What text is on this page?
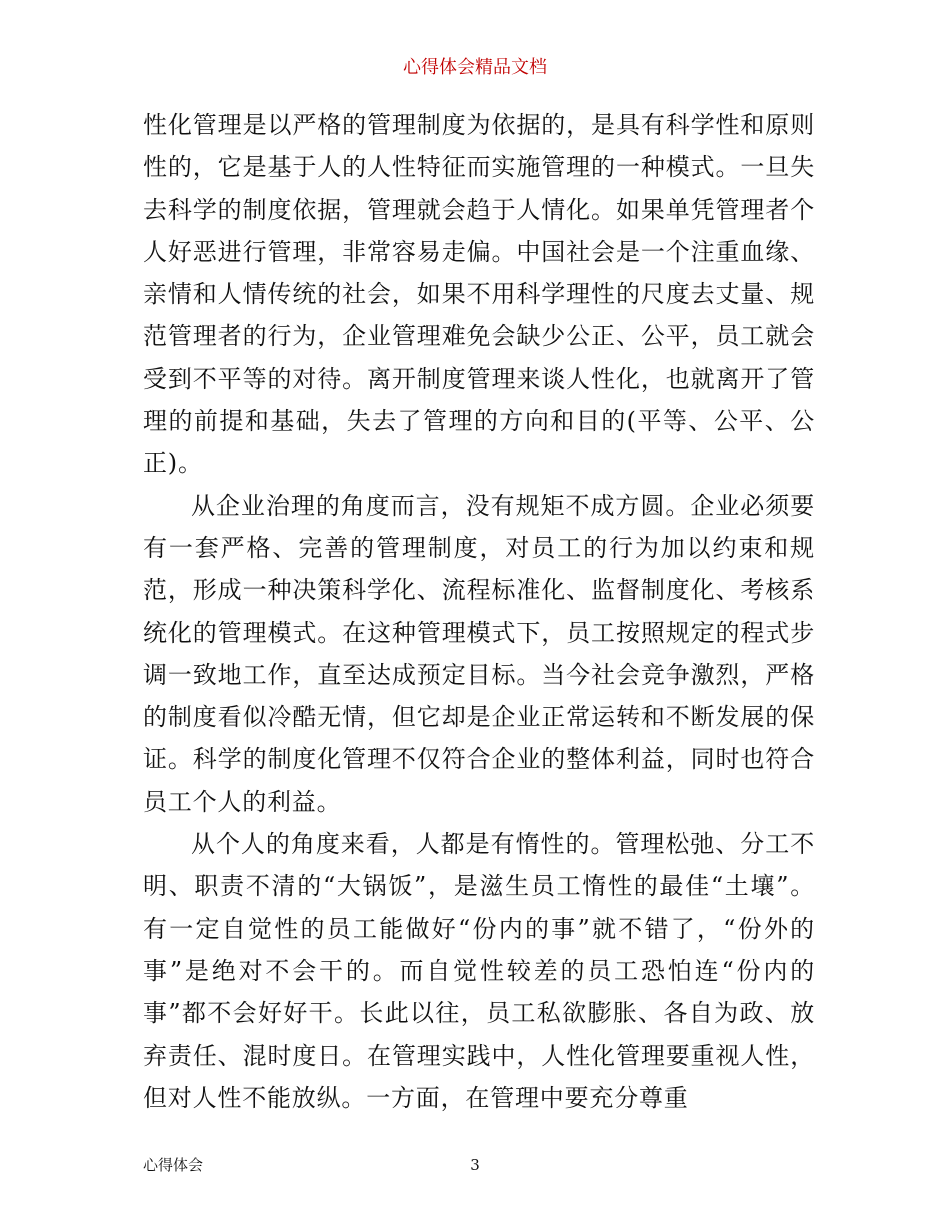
心得体会精品文档

性化管理是以严格的管理制度为依据的，是具有科学性和原则性的，它是基于人的人性特征而实施管理的一种模式。一旦失去科学的制度依据，管理就会趋于人情化。如果单凭管理者个人好恶进行管理，非常容易走偏。中国社会是一个注重血缘、亲情和人情传统的社会，如果不用科学理性的尺度去丈量、规范管理者的行为，企业管理难免会缺少公正、公平，员工就会受到不平等的对待。离开制度管理来谈人性化，也就离开了管理的前提和基础，失去了管理的方向和目的(平等、公平、公正)。

从企业治理的角度而言，没有规矩不成方圆。企业必须要有一套严格、完善的管理制度，对员工的行为加以约束和规范，形成一种决策科学化、流程标准化、监督制度化、考核系统化的管理模式。在这种管理模式下，员工按照规定的程式步调一致地工作，直至达成预定目标。当今社会竞争激烈，严格的制度看似冷酷无情，但它却是企业正常运转和不断发展的保证。科学的制度化管理不仅符合企业的整体利益，同时也符合员工个人的利益。

从个人的角度来看，人都是有惰性的。管理松弛、分工不明、职责不清的“大锅饭”，是滋生员工惰性的最佳“土壤”。有一定自觉性的员工能做好“份内的事”就不错了，“份外的事”是绝对不会干的。而自觉性较差的员工恐怕连“份内的事”都不会好好干。长此以往，员工私欲膨胀、各自为政、放弃责任、混时度日。在管理实践中，人性化管理要重视人性，但对人性不能放纵。一方面，在管理中要充分尊重

心得体会	3
